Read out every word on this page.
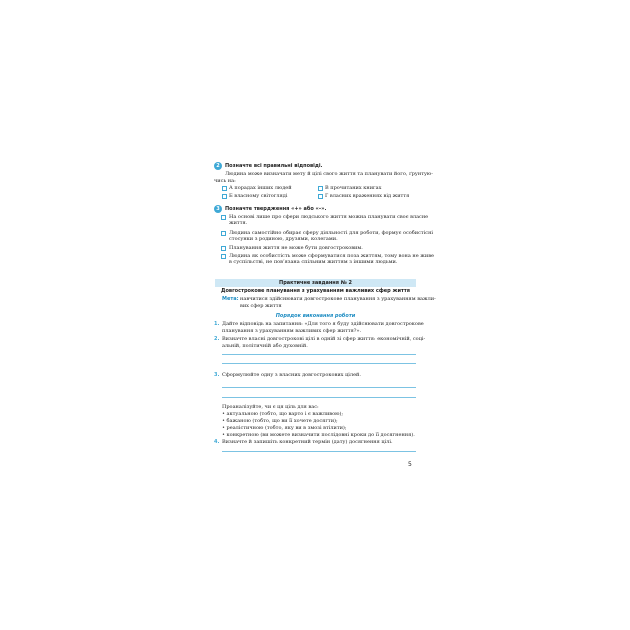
2	Позначте всі правильні відповіді.
Людина може визначати мету й цілі свого життя та планувати його, ґрунтую-
чись на:
А порадах інших людей
Б власному світогляді
В прочитаних книгах
Г власних враженнях від життя
3	Позначте твердження «+» або «–».
На основі лише про сфери людського життя можна планувати своє власне
життя.
Людина самостійно обирає сферу діяльності для роботи, формує особистісні
стосунки з родиною, друзями, колегами.
Планування життя не може бути довгостроковим.
Людина як особистість може сформуватися поза життям, тому вона не живе
в суспільстві, не пов’язана спільним життям з іншими людьми.
Практичне завдання № 2
Довгострокове планування з урахуванням важливих сфер життя
Мета: навчитися здійснювати довгострокове планування з урахуванням важли-
вих сфер життя
Порядок виконання роботи
1. Дайте відповідь на запитання: «Для того я буду здійснювати довгострокове
планування з урахуванням важливих сфер життя?».
2. Визначте власні довгострокові цілі в одній зі сфер життя: економічній, соці-
альній, політичній або духовній.
3. Сформулюйте одну з власних довгострокових цілей.
Проаналізуйте, чи є ця ціль для вас:
• актуальною (тобто, що варто і є важливою);
• бажаною (тобто, що ви її хочете досягти);
• реалістичною (тобто, яку ви в змозі втілити);
• конкретною (ви можете визначити послідовні кроки до її досягнення).
4. Визначте й запишіть конкретний термін (дату) досягнення цілі.
5
